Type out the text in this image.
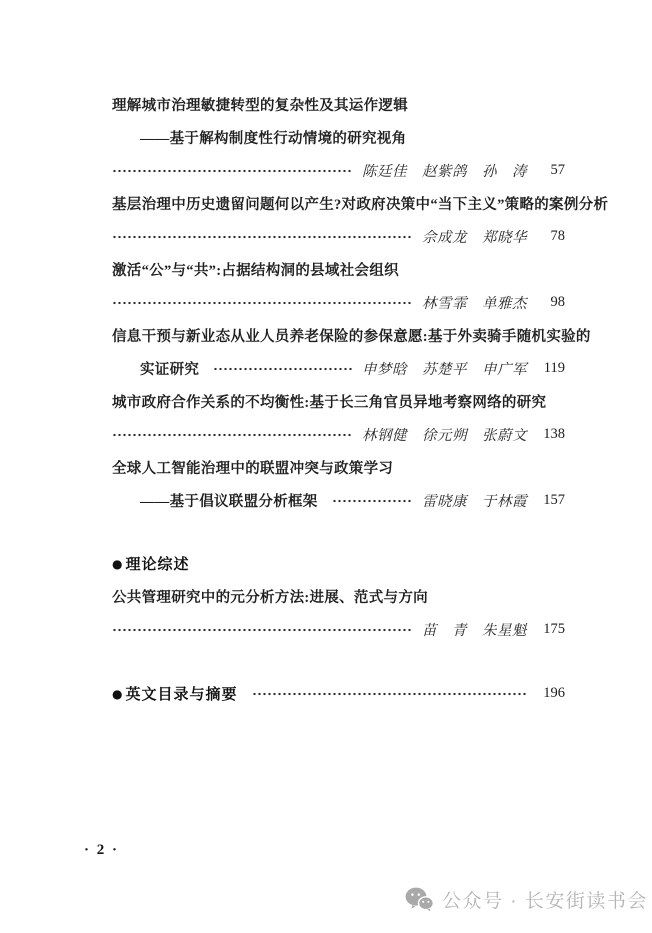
理解城市治理敏捷转型的复杂性及其运作逻辑
——基于解构制度性行动情境的研究视角
陈廷佳　赵紫鸽　孙　涛	57
基层治理中历史遗留问题何以产生?对政府决策中“当下主义”策略的案例分析
佘成龙　郑晓华	78
激活“公”与“共”:占据结构洞的县域社会组织
林雪霏　单雅杰	98
信息干预与新业态从业人员养老保险的参保意愿:基于外卖骑手随机实验的
实证研究	申梦晗　苏楚平　申广军	119
城市政府合作关系的不均衡性:基于长三角官员异地考察网络的研究
林钢健　徐元朔　张蔚文 138
全球人工智能治理中的联盟冲突与政策学习
——基于倡议联盟分析框架	雷晓康　于林霞 157
● 理论综述
公共管理研究中的元分析方法:进展、范式与方向
苗　青　朱星魁 175
● 英文目录与摘要	196
· 2 ·
公众号 · 长安街读书会
